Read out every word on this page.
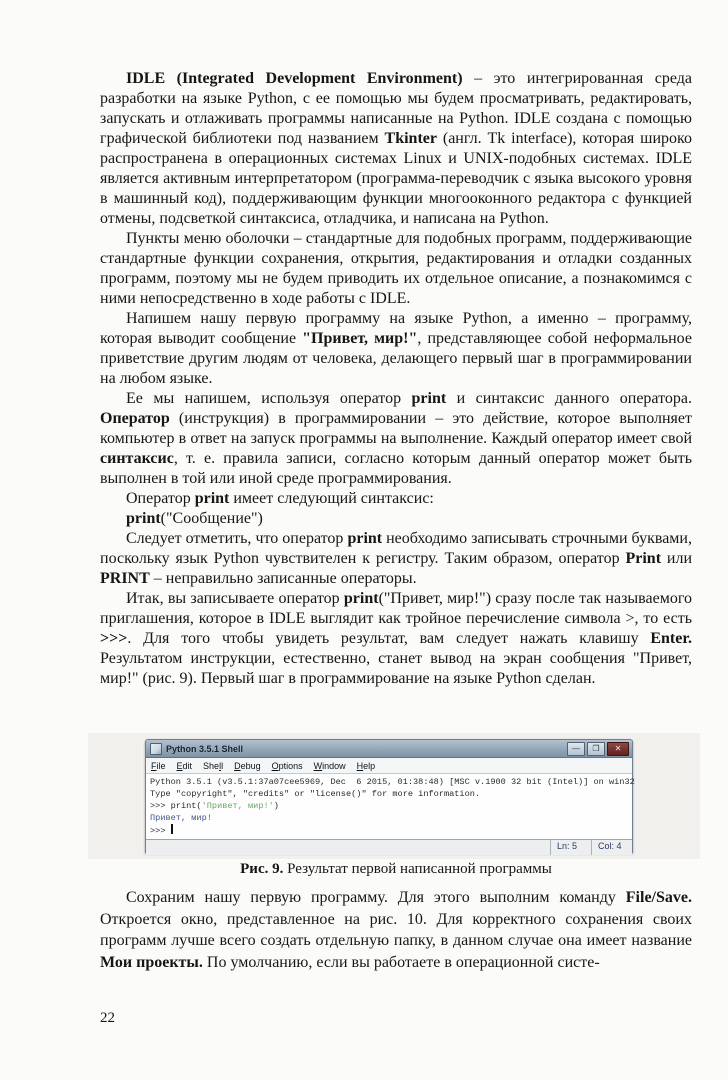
IDLE (Integrated Development Environment) – это интегрированная среда разработки на языке Python, с ее помощью мы будем просматривать, редактировать, запускать и отлаживать программы написанные на Python. IDLE создана с помощью графической библиотеки под названием Tkinter (англ. Tk interface), которая широко распространена в операционных системах Linux и UNIX-подобных системах. IDLE является активным интерпретатором (программа-переводчик с языка высокого уровня в машинный код), поддерживающим функции многооконного редактора с функцией отмены, подсветкой синтаксиса, отладчика, и написана на Python.

Пункты меню оболочки – стандартные для подобных программ, поддерживающие стандартные функции сохранения, открытия, редактирования и отладки созданных программ, поэтому мы не будем приводить их отдельное описание, а познакомимся с ними непосредственно в ходе работы с IDLE.

Напишем нашу первую программу на языке Python, а именно – программу, которая выводит сообщение "Привет, мир!", представляющее собой неформальное приветствие другим людям от человека, делающего первый шаг в программировании на любом языке.

Ее мы напишем, используя оператор print и синтаксис данного оператора. Оператор (инструкция) в программировании – это действие, которое выполняет компьютер в ответ на запуск программы на выполнение. Каждый оператор имеет свой синтаксис, т. е. правила записи, согласно которым данный оператор может быть выполнен в той или иной среде программирования.

Оператор print имеет следующий синтаксис:

print("Сообщение")

Следует отметить, что оператор print необходимо записывать строчными буквами, поскольку язык Python чувствителен к регистру. Таким образом, оператор Print или PRINT – неправильно записанные операторы.

Итак, вы записываете оператор print("Привет, мир!") сразу после так называемого приглашения, которое в IDLE выглядит как тройное перечисление символа >, то есть >>>. Для того чтобы увидеть результат, вам следует нажать клавишу Enter. Результатом инструкции, естественно, станет вывод на экран сообщения "Привет, мир!" (рис. 9). Первый шаг в программирование на языке Python сделан.

Python 3.5.1 Shell	—	❐	✕
File Edit Shell Debug Options Window Help
Python 3.5.1 (v3.5.1:37a07cee5969, Dec  6 2015, 01:38:48) [MSC v.1900 32 bit (Intel)] on win32
Type "copyright", "credits" or "license()" for more information.
>>> print('Привет, мир!')
Привет, мир!
>>>
Ln: 5	Col: 4
Рис. 9. Результат первой написанной программы

Сохраним нашу первую программу. Для этого выполним команду File/Save. Откроется окно, представленное на рис. 10. Для корректного сохранения своих программ лучше всего создать отдельную папку, в данном случае она имеет название Мои проекты. По умолчанию, если вы работаете в операционной систе-

22
